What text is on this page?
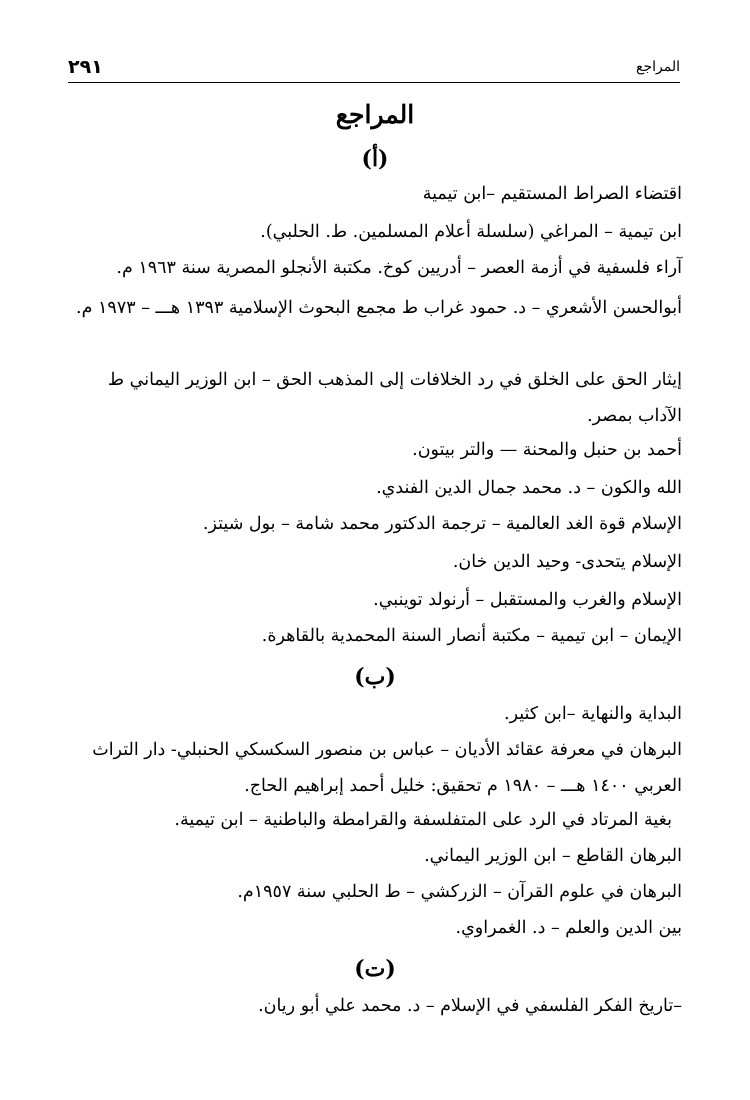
٢٩١	المراجع
المراجع
(أ)
اقتضاء الصراط المستقيم –ابن تيمية
ابن تيمية – المراغي (سلسلة أعلام المسلمين. ط. الحلبي).
آراء فلسفية في أزمة العصر – أدريين كوخ. مكتبة الأنجلو المصرية سنة ١٩٦٣ م.
أبوالحسن الأشعري – د. حمود غراب ط مجمع البحوث الإسلامية ١٣٩٣ هـــ – ١٩٧٣ م.
إيثار الحق على الخلق في رد الخلافات إلى المذهب الحق – ابن الوزير اليماني ط الآداب بمصر.
أحمد بن حنبل والمحنة — والتر بيتون.
الله والكون – د. محمد جمال الدين الفندي.
الإسلام قوة الغد العالمية – ترجمة الدكتور محمد شامة – بول شيتز.
الإسلام يتحدى- وحيد الدين خان.
الإسلام والغرب والمستقبل – أرنولد توينبي.
الإيمان – ابن تيمية – مكتبة أنصار السنة المحمدية بالقاهرة.
(ب)
البداية والنهاية –ابن كثير.
البرهان في معرفة عقائد الأديان – عباس بن منصور السكسكي الحنبلي- دار التراث العربي ١٤٠٠ هـــ – ١٩٨٠ م تحقيق: خليل أحمد إبراهيم الحاج.
بغية المرتاد في الرد على المتفلسفة والقرامطة والباطنية – ابن تيمية.
البرهان القاطع – ابن الوزير اليماني.
البرهان في علوم القرآن – الزركشي – ط الحلبي سنة ١٩٥٧م.
بين الدين والعلم – د. الغمراوي.
(ت)
–تاريخ الفكر الفلسفي في الإسلام – د. محمد علي أبو ريان.
